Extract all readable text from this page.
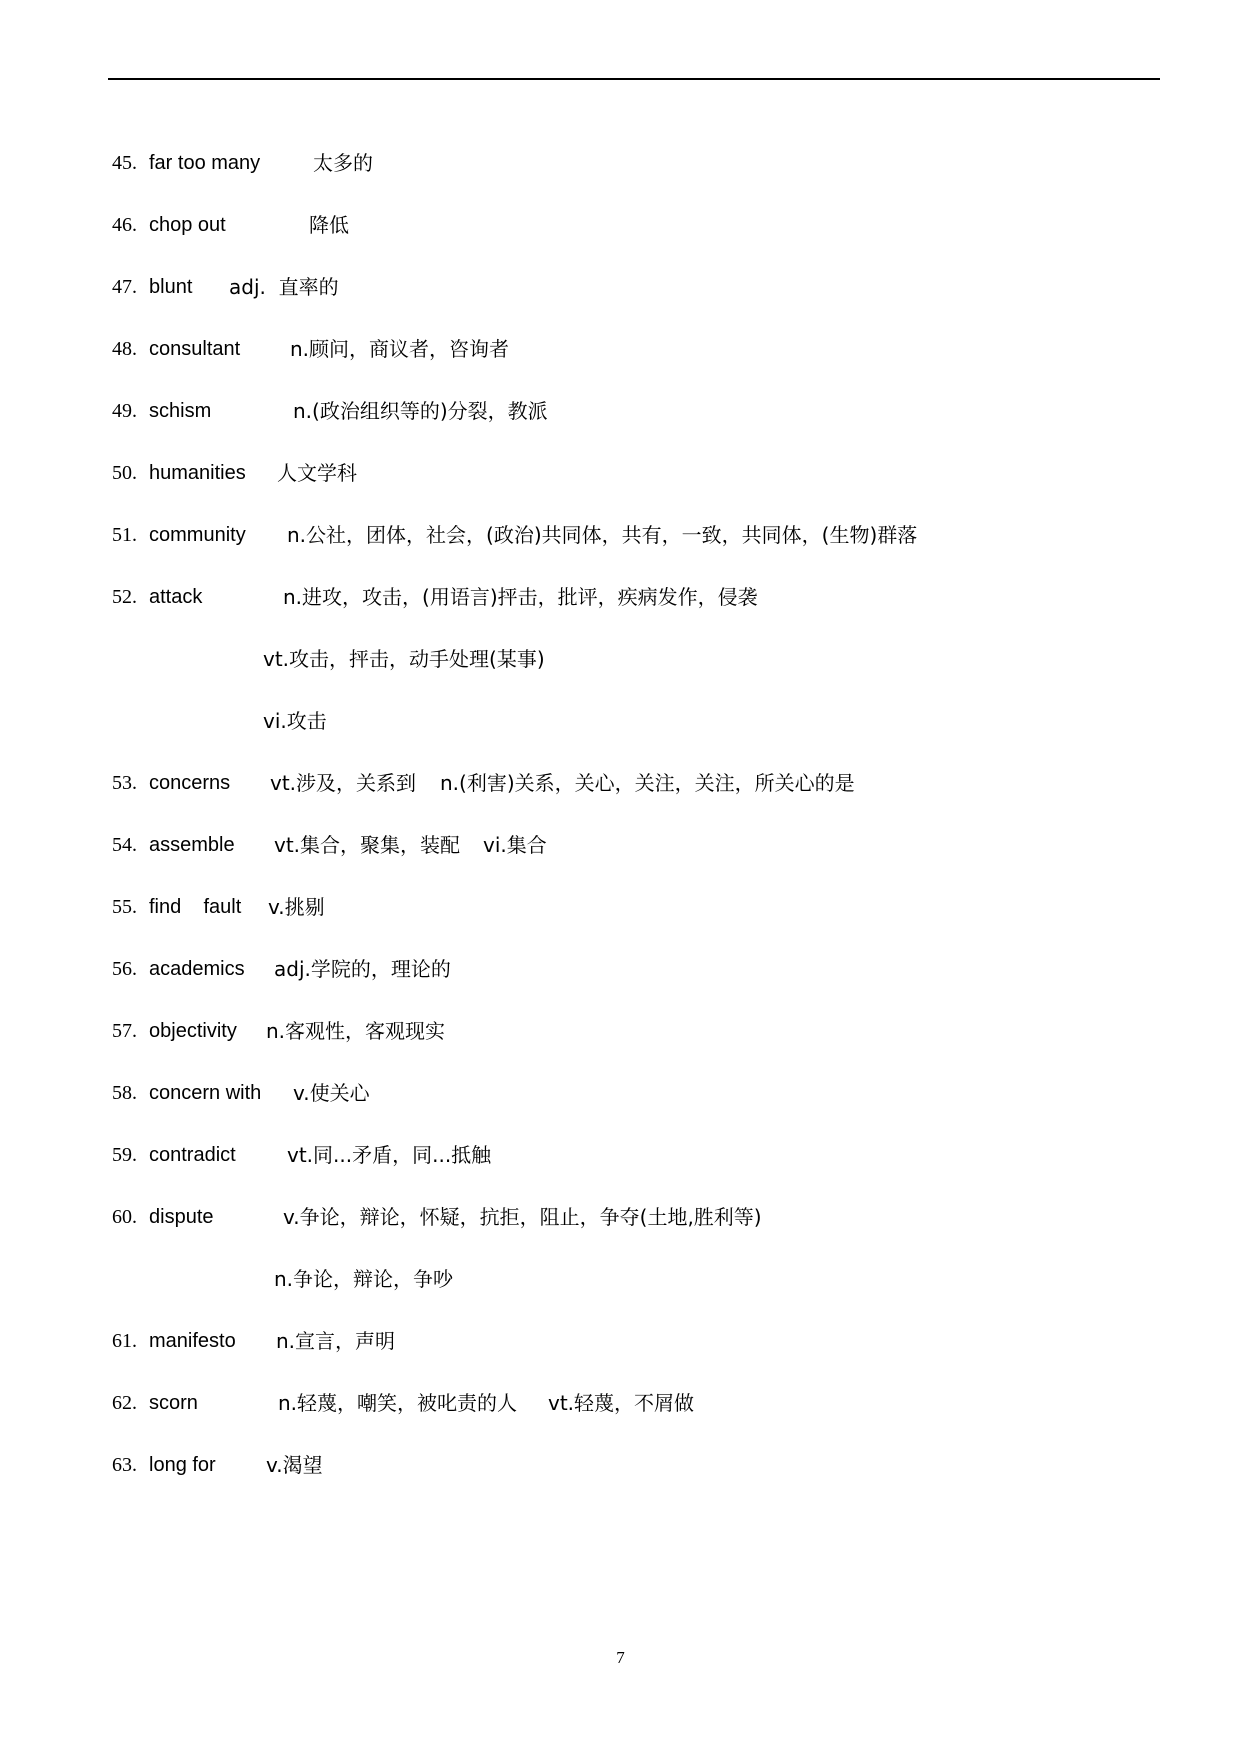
45. far too many	太多的
46. chop out	降低
47. blunt adj.  直率的
48. consultant n.顾问，商议者，咨询者
49. schism	n.(政治组织等的)分裂，教派
50. humanities 人文学科
51. community n.公社，团体，社会，(政治)共同体，共有，一致，共同体，(生物)群落
52. attack	n.进攻，攻击，(用语言)抨击，批评，疾病发作，侵袭
vt.攻击，抨击，动手处理(某事)
vi.攻击
53. concerns vt.涉及，关系到 n.(利害)关系，关心，关注，关注，所关心的是
54. assemble vt.集合，聚集，装配 vi.集合
55. find    fault v.挑剔
56. academics adj.学院的，理论的
57. objectivity n.客观性，客观现实
58. concern with v.使关心
59. contradict	vt.同...矛盾，同...抵触
60. dispute	v.争论，辩论，怀疑，抗拒，阻止，争夺(土地,胜利等)
n.争论，辩论，争吵
61. manifesto n.宣言，声明
62. scorn	n.轻蔑，嘲笑，被叱责的人 vt.轻蔑，不屑做
63. long for	v.渴望
7
